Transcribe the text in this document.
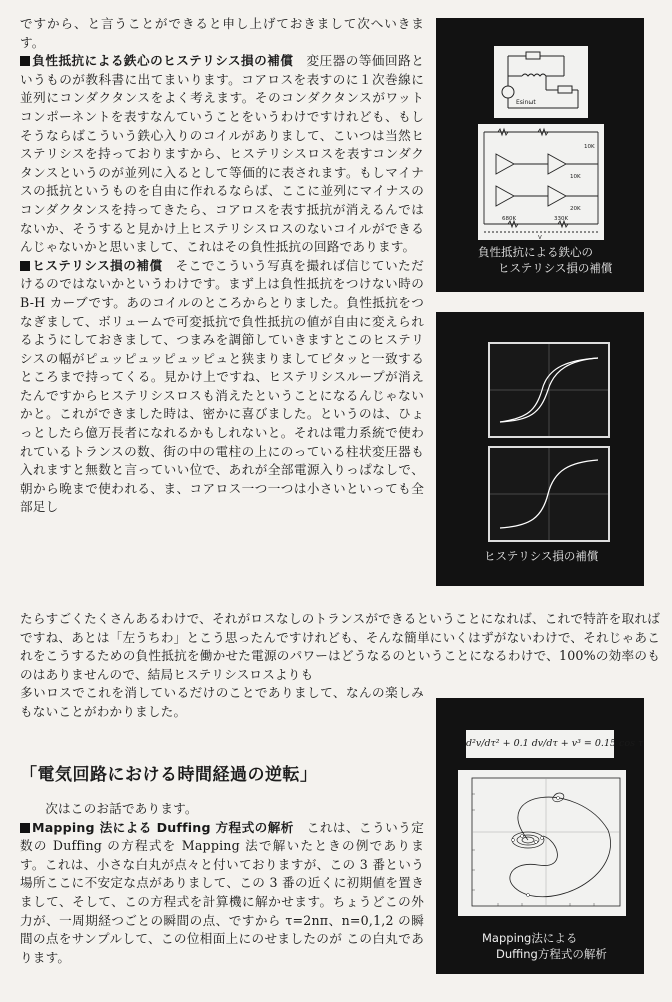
ですから、と言うことができると申し上げておきまして次へいきます。

負性抵抗による鉄心のヒステリシス損の補償　 変圧器の等価回路というものが教科書に出てまいります。コアロスを表すのに１次巻線に並列にコンダクタンスをよく考えます。そのコンダクタンスがワットコンポーネントを表すなんていうことをいうわけですけれども、もしそうならばこういう鉄心入りのコイルがありまして、こいつは当然ヒステリシスを持っておりますから、ヒステリシスロスを表すコンダクタンスというのが並列に入るとして等価的に表されます。もしマイナスの抵抗というものを自由に作れるならば、ここに並列にマイナスのコンダクタンスを持ってきたら、コアロスを表す抵抗が消えるんではないか、そうすると見かけ上ヒステリシスロスのないコイルができるんじゃないかと思いまして、これはその負性抵抗の回路であります。

ヒステリシス損の補償　 そこでこういう写真を撮れば信じていただけるのではないかというわけです。まず上は負性抵抗をつけない時の B-H カーブです。あのコイルのところからとりました。負性抵抗をつなぎまして、ボリュームで可変抵抗で負性抵抗の値が自由に変えられるようにしておきまして、つまみを調節していきますとこのヒステリシスの幅がピュッピュッピュッピュと狭まりましてピタッと一致するところまで持ってくる。見かけ上ですね、ヒステリシスループが消えたんですからヒステリシスロスも消えたということになるんじゃないかと。これができました時は、密かに喜びました。というのは、ひょっとしたら億万長者になれるかもしれないと。それは電力系統で使われているトランスの数、街の中の電柱の上にのっている柱状変圧器も入れますと無数と言っていい位で、あれが全部電源入りっぱなしで、朝から晩まで使われる、ま、コアロス一つ一つは小さいといっても全部足し

たらすごくたくさんあるわけで、それがロスなしのトランスができるということになれば、これで特許を取ればですね、あとは「左うちわ」とこう思ったんですけれども、そんな簡単にいくはずがないわけで、それじゃあこれをこうするための負性抵抗を働かせた電源のパワーはどうなるのということになるわけで、100%の効率のものはありませんので、結局ヒステリシスロスよりも

多いロスでこれを消しているだけのことでありまして、なんの楽しみもないことがわかりました。

「電気回路における時間経過の逆転」

次はこのお話であります。

Mapping 法による Duffing 方程式の解析　 これは、こういう定数の Duffing の方程式を Mapping 法で解いたときの例であります。これは、小さな白丸が点々と付いておりますが、この 3 番という場所ここに不安定な点がありまして、この 3 番の近くに初期値を置きまして、そして、この方程式を計算機に解かせます。ちょうどこの外力が、一周期経つごとの瞬間の点、ですから τ=2nπ、n=0,1,2 の瞬間の点をサンプルして、この位相面上にのせましたのが この白丸であります。

Esinωt
680K	330K
10K
20K
10K
V
負性抵抗による鉄心の
ヒステリシス損の補償
ヒステリシス損の補償
d²v/dτ² + 0.1 dv/dτ + v³ = 0.15 cos τ
Mapping法による
Duffing方程式の解析
